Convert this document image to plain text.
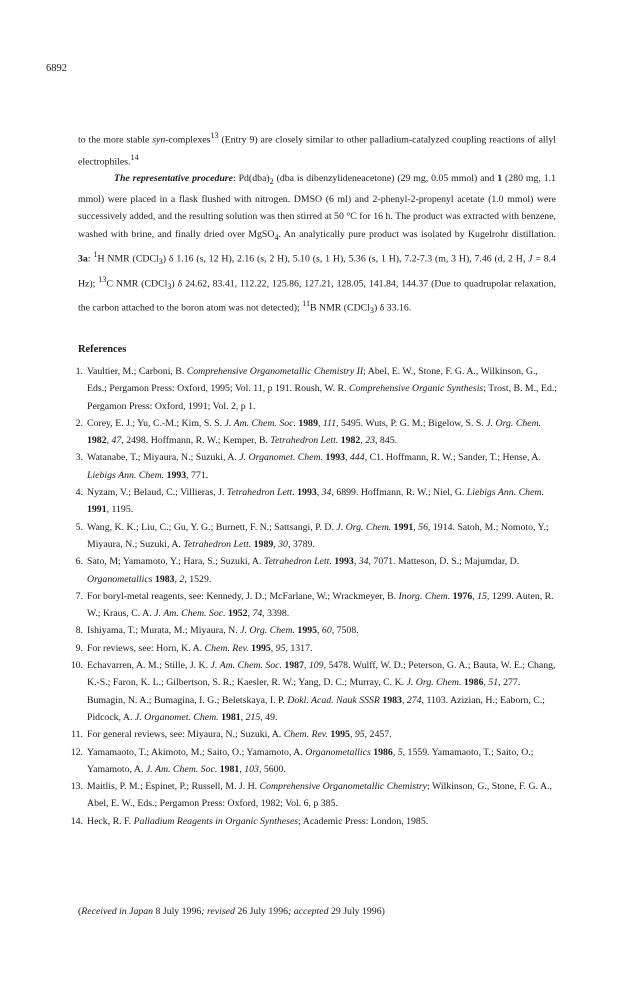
6892

to the more stable syn-complexes$^{13}$ (Entry 9) are closely similar to other palladium-catalyzed coupling reactions of allyl electrophiles.$^{14}$

The representative procedure: $Pd(dba)_2$ (dba is dibenzylideneacetone) (29 mg, 0.05 mmol) and 1 (280 mg, 1.1 mmol) were placed in a flask flushed with nitrogen. DMSO (6 ml) and 2-phenyl-2-propenyl acetate (1.0 mmol) were successively added, and the resulting solution was then stirred at 50 °C for 16 h. The product was extracted with benzene, washed with brine, and finally dried over MgSO$_4$. An analytically pure product was isolated by Kugelrohr distillation. 3a: $^1$H NMR (CDCl$_3$) δ 1.16 (s, 12 H), 2.16 (s, 2 H), 5.10 (s, 1 H), 5.36 (s, 1 H), 7.2-7.3 (m, 3 H), 7.46 (d, 2 H, J = 8.4 Hz); $^{13}$C NMR (CDCl$_3$) δ 24.62, 83.41, 112.22, 125.86, 127.21, 128.05, 141.84, 144.37 (Due to quadrupolar relaxation, the carbon attached to the boron atom was not detected); $^{11}$B NMR (CDCl$_3$) δ 33.16.

References
1. Vaultier, M.; Carboni, B. Comprehensive Organometallic Chemistry II; Abel, E. W., Stone, F. G. A., Wilkinson, G., Eds.; Pergamon Press: Oxford, 1995; Vol. 11, p 191. Roush, W. R. Comprehensive Organic Synthesis; Trost, B. M., Ed.; Pergamon Press: Oxford, 1991; Vol. 2, p 1.
2. Corey, E. J.; Yu, C.-M.; Kim, S. S. J. Am. Chem. Soc. 1989, 111, 5495. Wuts, P. G. M.; Bigelow, S. S. J. Org. Chem. 1982, 47, 2498. Hoffmann, R. W.; Kemper, B. Tetrahedron Lett. 1982, 23, 845.
3. Watanabe, T.; Miyaura, N.; Suzuki, A. J. Organomet. Chem. 1993, 444, C1. Hoffmann, R. W.; Sander, T.; Hense, A. Liebigs Ann. Chem. 1993, 771.
4. Nyzam, V.; Belaud, C.; Villieras, J. Tetrahedron Lett. 1993, 34, 6899. Hoffmann, R. W.; Niel, G. Liebigs Ann. Chem. 1991, 1195.
5. Wang, K. K.; Liu, C.; Gu, Y. G.; Burnett, F. N.; Sattsangi, P. D. J. Org. Chem. 1991, 56, 1914. Satoh, M.; Nomoto, Y.; Miyaura, N.; Suzuki, A. Tetrahedron Lett. 1989, 30, 3789.
6. Sato, M; Yamamoto, Y.; Hara, S.; Suzuki, A. Tetrahedron Lett. 1993, 34, 7071. Matteson, D. S.; Majumdar, D. Organometallics 1983, 2, 1529.
7. For boryl-metal reagents, see: Kennedy, J. D.; McFarlane, W.; Wrackmeyer, B. Inorg. Chem. 1976, 15, 1299. Auten, R. W.; Kraus, C. A. J. Am. Chem. Soc. 1952, 74, 3398.
8. Ishiyama, T.; Murata, M.; Miyaura, N. J. Org. Chem. 1995, 60, 7508.
9. For reviews, see: Horn, K. A. Chem. Rev. 1995, 95, 1317.
10. Echavarren, A. M.; Stille, J. K. J. Am. Chem. Soc. 1987, 109, 5478. Wulff, W. D.; Peterson, G. A.; Bauta, W. E.; Chang, K.-S.; Faron, K. L.; Gilbertson, S. R.; Kaesler, R. W.; Yang, D. C.; Murray, C. K. J. Org. Chem. 1986, 51, 277. Bumagin, N. A.; Bumagina, I. G.; Beletskaya, I. P. Dokl. Acad. Nauk SSSR 1983, 274, 1103. Azizian, H.; Eaborn, C.; Pidcock, A. J. Organomet. Chem. 1981, 215, 49.
11. For general reviews, see: Miyaura, N.; Suzuki, A. Chem. Rev. 1995, 95, 2457.
12. Yamamaoto, T.; Akimoto, M.; Saito, O.; Yamamoto, A. Organometallics 1986, 5, 1559. Yamamaoto, T.; Saito, O.; Yamamoto, A. J. Am. Chem. Soc. 1981, 103, 5600.
13. Maitlis, P. M.; Espinet, P.; Russell, M. J. H. Comprehensive Organometallic Chemistry; Wilkinson, G., Stone, F. G. A., Abel, E. W., Eds.; Pergamon Press: Oxford, 1982; Vol. 6, p 385.
14. Heck, R. F. Palladium Reagents in Organic Syntheses; Academic Press: London, 1985.
(Received in Japan 8 July 1996; revised 26 July 1996; accepted 29 July 1996)
